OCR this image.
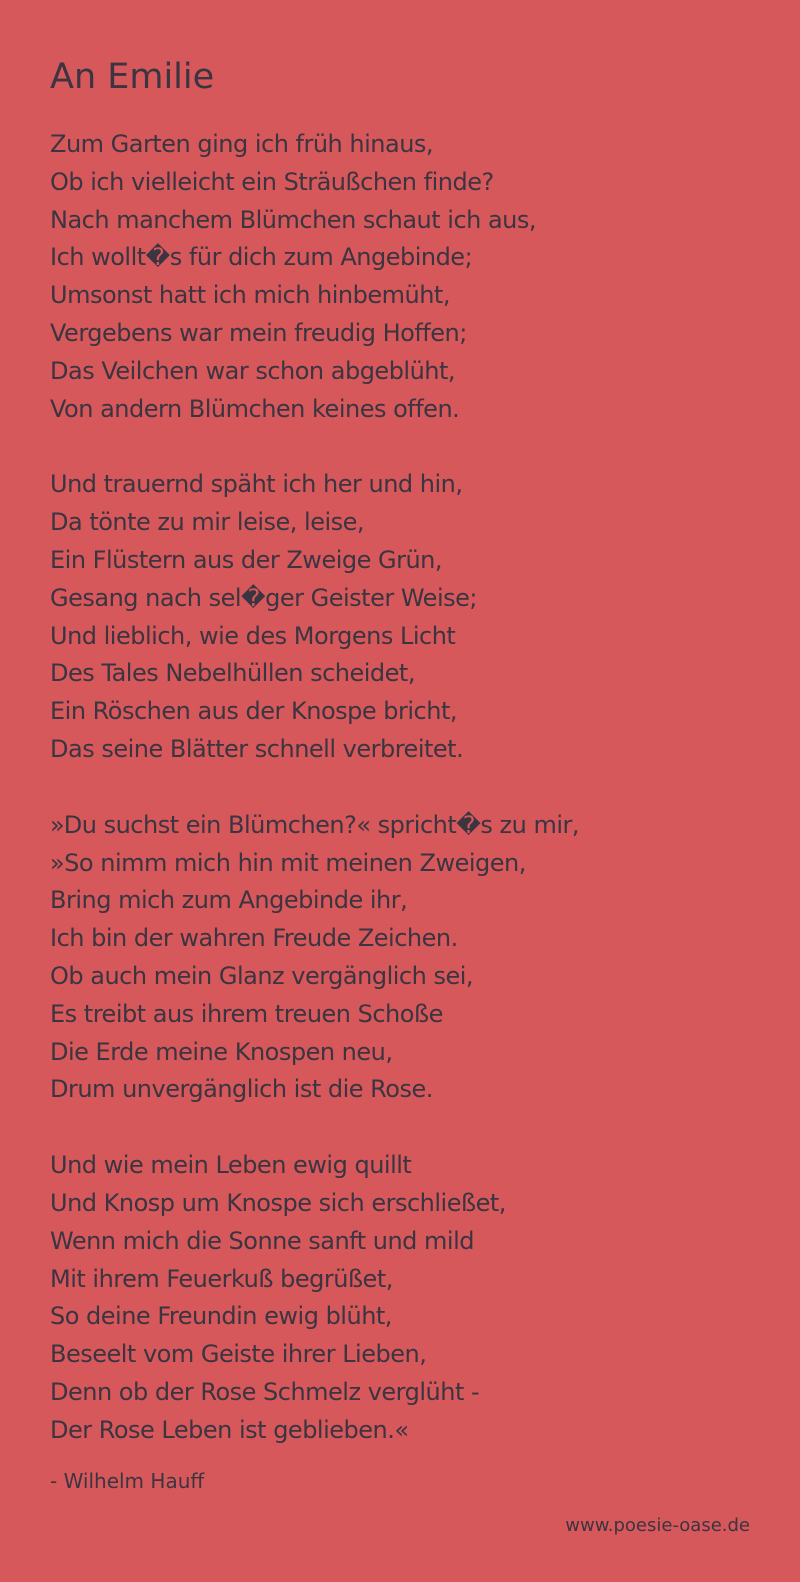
An Emilie
Zum Garten ging ich früh hinaus,
Ob ich vielleicht ein Sträußchen finde?
Nach manchem Blümchen schaut ich aus,
Ich wollt�s für dich zum Angebinde;
Umsonst hatt ich mich hinbemüht,
Vergebens war mein freudig Hoffen;
Das Veilchen war schon abgeblüht,
Von andern Blümchen keines offen.
Und trauernd späht ich her und hin,
Da tönte zu mir leise, leise,
Ein Flüstern aus der Zweige Grün,
Gesang nach sel�ger Geister Weise;
Und lieblich, wie des Morgens Licht
Des Tales Nebelhüllen scheidet,
Ein Röschen aus der Knospe bricht,
Das seine Blätter schnell verbreitet.
»Du suchst ein Blümchen?« spricht�s zu mir,
»So nimm mich hin mit meinen Zweigen,
Bring mich zum Angebinde ihr,
Ich bin der wahren Freude Zeichen.
Ob auch mein Glanz vergänglich sei,
Es treibt aus ihrem treuen Schoße
Die Erde meine Knospen neu,
Drum unvergänglich ist die Rose.
Und wie mein Leben ewig quillt
Und Knosp um Knospe sich erschließet,
Wenn mich die Sonne sanft und mild
Mit ihrem Feuerkuß begrüßet,
So deine Freundin ewig blüht,
Beseelt vom Geiste ihrer Lieben,
Denn ob der Rose Schmelz verglüht -
Der Rose Leben ist geblieben.«
- Wilhelm Hauff
www.poesie-oase.de
